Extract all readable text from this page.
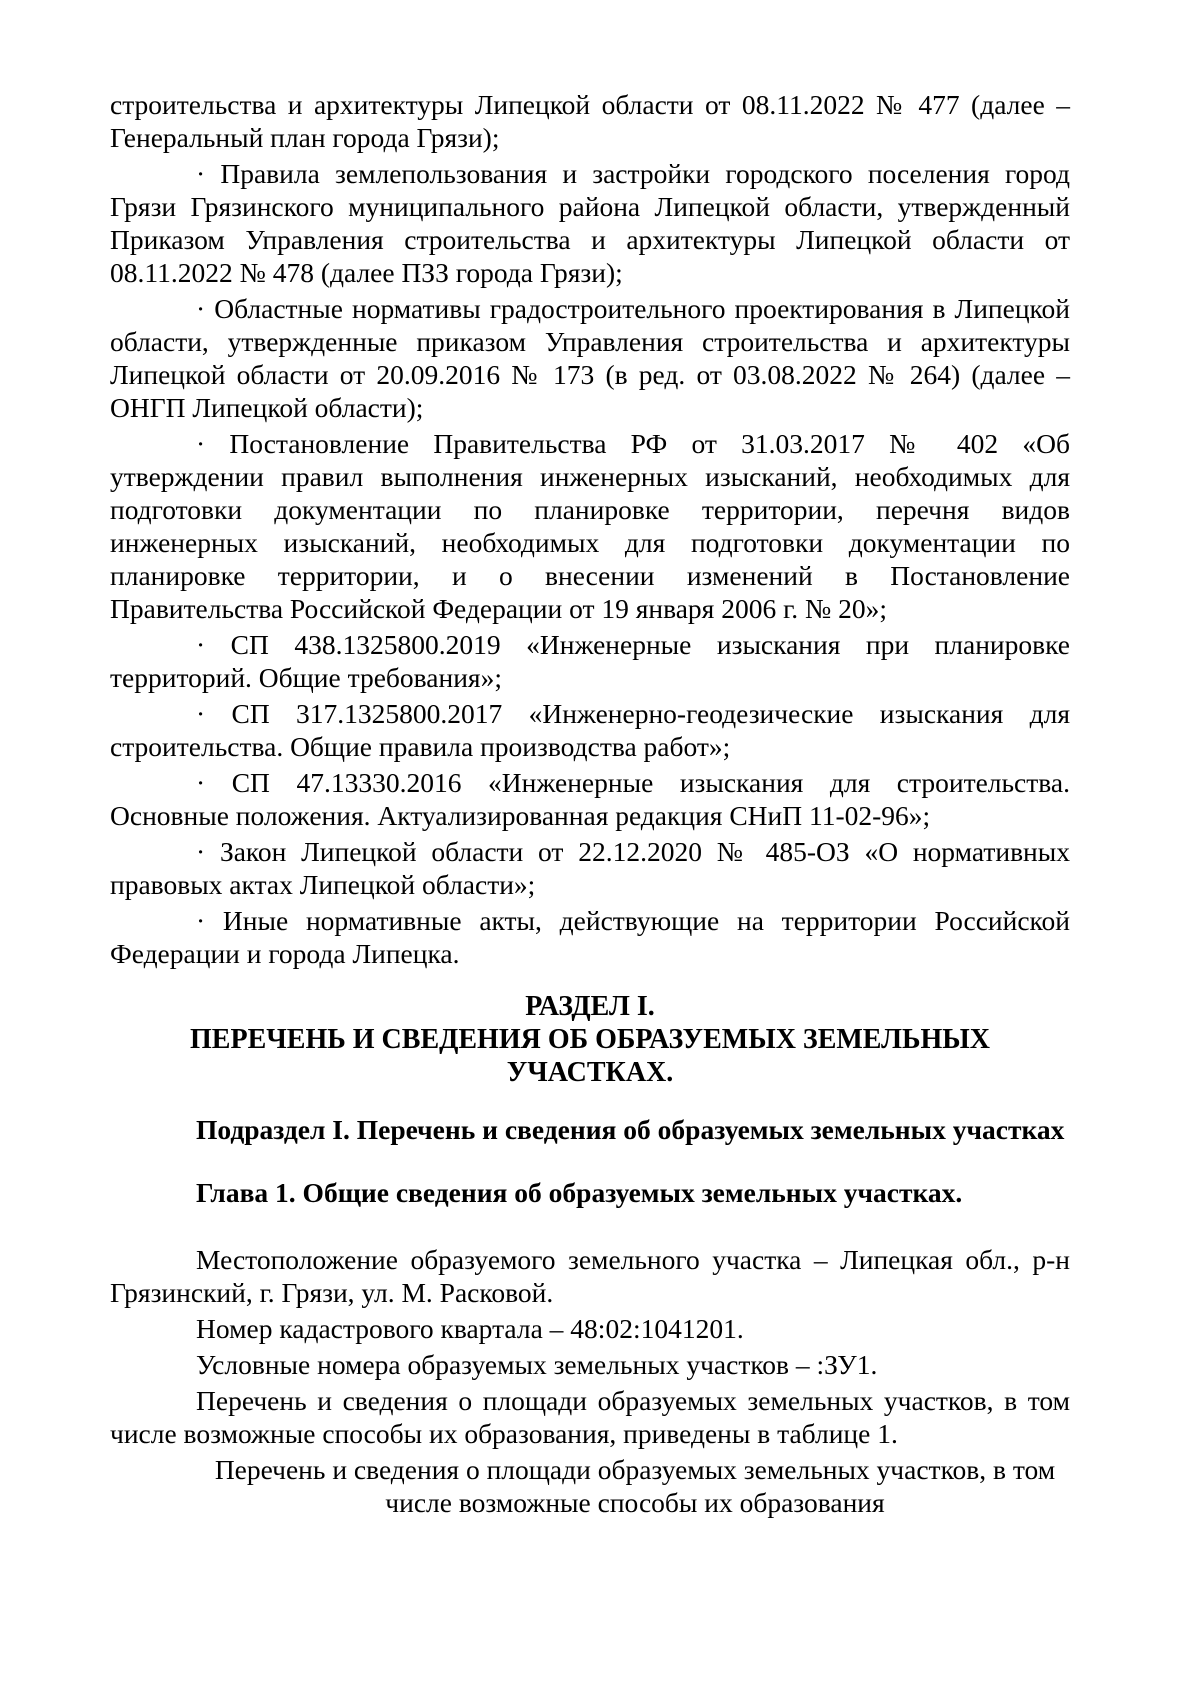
строительства и архитектуры Липецкой области от 08.11.2022 № 477 (далее – Генеральный план города Грязи);

· Правила землепользования и застройки городского поселения город Грязи Грязинского муниципального района Липецкой области, утвержденный Приказом Управления строительства и архитектуры Липецкой области от 08.11.2022 № 478 (далее ПЗЗ города Грязи);

· Областные нормативы градостроительного проектирования в Липецкой области, утвержденные приказом Управления строительства и архитектуры Липецкой области от 20.09.2016 № 173 (в ред. от 03.08.2022 № 264) (далее – ОНГП Липецкой области);

· Постановление Правительства РФ от 31.03.2017 № 402 «Об утверждении правил выполнения инженерных изысканий, необходимых для подготовки документации по планировке территории, перечня видов инженерных изысканий, необходимых для подготовки документации по планировке территории, и о внесении изменений в Постановление Правительства Российской Федерации от 19 января 2006 г. № 20»;

· СП 438.1325800.2019 «Инженерные изыскания при планировке территорий. Общие требования»;

· СП 317.1325800.2017 «Инженерно-геодезические изыскания для строительства. Общие правила производства работ»;

· СП 47.13330.2016 «Инженерные изыскания для строительства. Основные положения. Актуализированная редакция СНиП 11-02-96»;

· Закон Липецкой области от 22.12.2020 № 485-ОЗ «О нормативных правовых актах Липецкой области»;

· Иные нормативные акты, действующие на территории Российской Федерации и города Липецка.

РАЗДЕЛ I.
ПЕРЕЧЕНЬ И СВЕДЕНИЯ ОБ ОБРАЗУЕМЫХ ЗЕМЕЛЬНЫХ УЧАСТКАХ.

Подраздел I. Перечень и сведения об образуемых земельных участках

Глава 1. Общие сведения об образуемых земельных участках.

Местоположение образуемого земельного участка – Липецкая обл., р-н Грязинский, г. Грязи, ул. М. Расковой.

Номер кадастрового квартала – 48:02:1041201.

Условные номера образуемых земельных участков – :ЗУ1.

Перечень и сведения о площади образуемых земельных участков, в том числе возможные способы их образования, приведены в таблице 1.

Перечень и сведения о площади образуемых земельных участков, в том
числе возможные способы их образования
